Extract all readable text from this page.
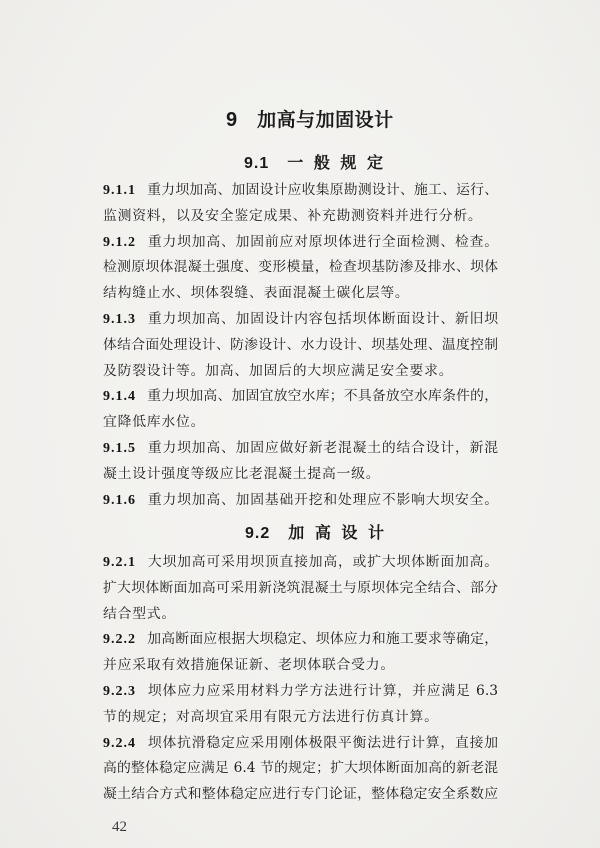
9 加高与加固设计
9.1 一 般 规 定
9.1.1 重力坝加高、加固设计应收集原勘测设计、施工、运行、
监测资料，以及安全鉴定成果、补充勘测资料并进行分析。
9.1.2 重力坝加高、加固前应对原坝体进行全面检测、检查。
检测原坝体混凝土强度、变形模量，检查坝基防渗及排水、坝体
结构缝止水、坝体裂缝、表面混凝土碳化层等。
9.1.3 重力坝加高、加固设计内容包括坝体断面设计、新旧坝
体结合面处理设计、防渗设计、水力设计、坝基处理、温度控制
及防裂设计等。加高、加固后的大坝应满足安全要求。
9.1.4 重力坝加高、加固宜放空水库；不具备放空水库条件的，
宜降低库水位。
9.1.5 重力坝加高、加固应做好新老混凝土的结合设计，新混
凝土设计强度等级应比老混凝土提高一级。
9.1.6 重力坝加高、加固基础开挖和处理应不影响大坝安全。
9.2 加 高 设 计
9.2.1 大坝加高可采用坝顶直接加高，或扩大坝体断面加高。
扩大坝体断面加高可采用新浇筑混凝土与原坝体完全结合、部分
结合型式。
9.2.2 加高断面应根据大坝稳定、坝体应力和施工要求等确定，
并应采取有效措施保证新、老坝体联合受力。
9.2.3 坝体应力应采用材料力学方法进行计算，并应满足 6.3
节的规定；对高坝宜采用有限元方法进行仿真计算。
9.2.4 坝体抗滑稳定应采用刚体极限平衡法进行计算，直接加
高的整体稳定应满足 6.4 节的规定；扩大坝体断面加高的新老混
凝土结合方式和整体稳定应进行专门论证，整体稳定安全系数应
42
